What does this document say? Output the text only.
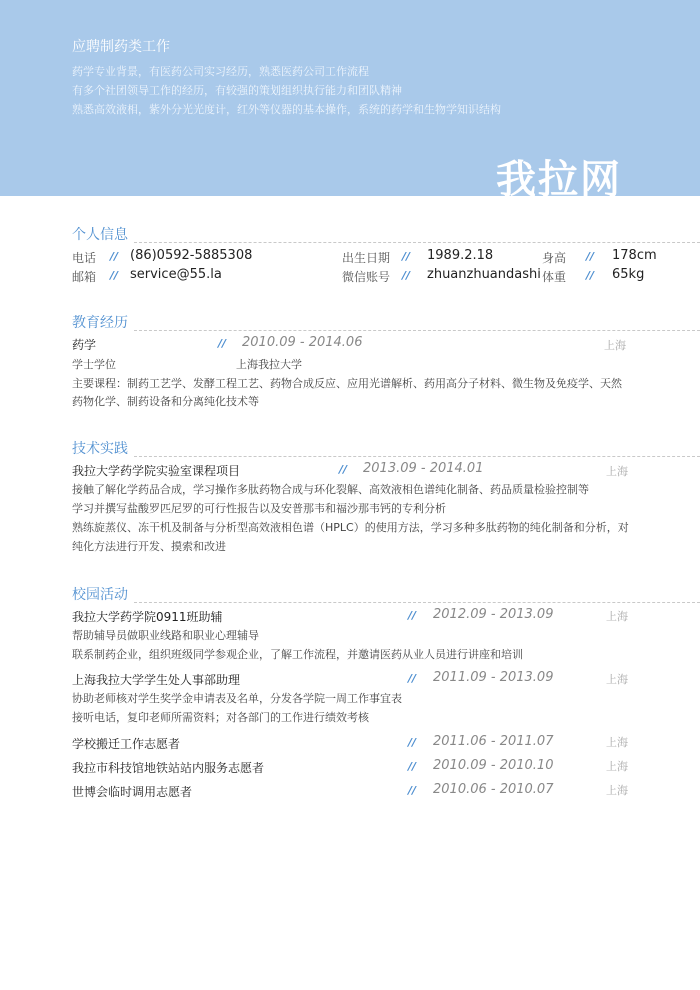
应聘制药类工作
药学专业背景，有医药公司实习经历，熟悉医药公司工作流程
有多个社团领导工作的经历，有较强的策划组织执行能力和团队精神
熟悉高效液相，紫外分光光度计，红外等仪器的基本操作，系统的药学和生物学知识结构
我拉网
个人信息
电话 // (86)0592-5885308	出生日期 // 1989.2.18	身高 // 178cm
邮箱 // service@55.la	微信账号 // zhuanzhuandashi 体重 // 65kg
教育经历
药学	// 2010.09 - 2014.06	上海
学士学位	上海我拉大学
主要课程：制药工艺学、发酵工程工艺、药物合成反应、应用光谱解析、药用高分子材料、微生物及免疫学、天然
药物化学、制药设备和分离纯化技术等
技术实践
我拉大学药学院实验室课程项目	// 2013.09 - 2014.01	上海
接触了解化学药品合成，学习操作多肽药物合成与环化裂解、高效液相色谱纯化制备、药品质量检验控制等
学习并撰写盐酸罗匹尼罗的可行性报告以及安普那韦和福沙那韦钙的专利分析
熟练旋蒸仪、冻干机及制备与分析型高效液相色谱（HPLC）的使用方法，学习多种多肽药物的纯化制备和分析，对
纯化方法进行开发、摸索和改进
校园活动
我拉大学药学院0911班助辅	// 2012.09 - 2013.09	上海
帮助辅导员做职业线路和职业心理辅导
联系制药企业，组织班级同学参观企业，了解工作流程，并邀请医药从业人员进行讲座和培训
上海我拉大学学生处人事部助理	// 2011.09 - 2013.09	上海
协助老师核对学生奖学金申请表及名单，分发各学院一周工作事宜表
接听电话，复印老师所需资料；对各部门的工作进行绩效考核
学校搬迁工作志愿者	// 2011.06 - 2011.07	上海
我拉市科技馆地铁站站内服务志愿者	// 2010.09 - 2010.10	上海
世博会临时调用志愿者	// 2010.06 - 2010.07	上海
